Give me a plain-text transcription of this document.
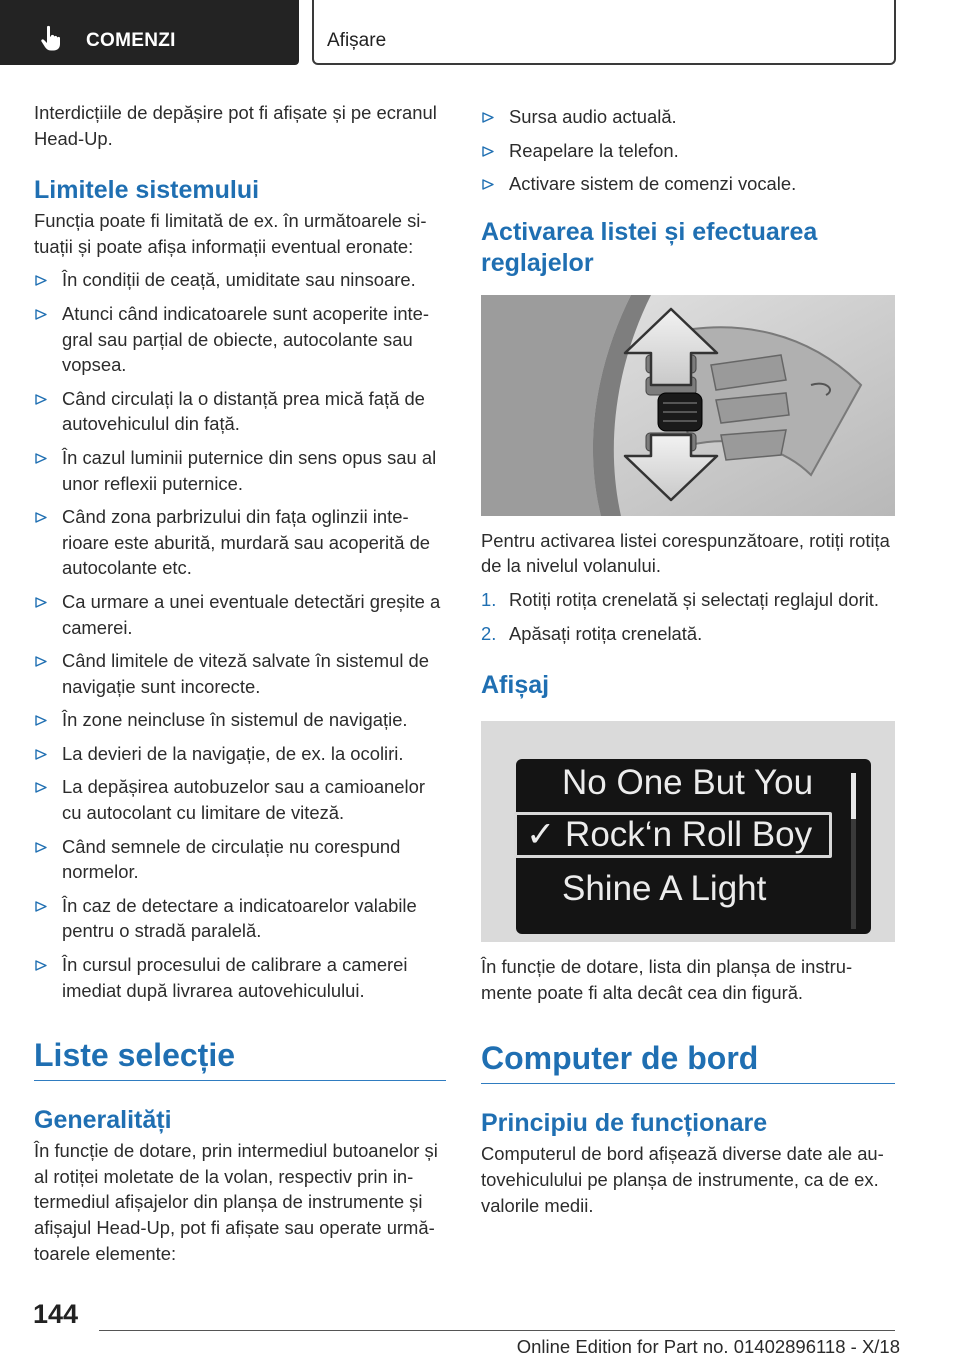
COMENZI	Afișare

Interdicțiile de depășire pot fi afișate și pe ecranul Head-Up.

Limitele sistemului

Funcția poate fi limitată de ex. în următoarele situații și poate afișa informații eventual eronate:

În condiții de ceață, umiditate sau ninsoare.
Atunci când indicatoarele sunt acoperite integral sau parțial de obiecte, autocolante sau vopsea.
Când circulați la o distanță prea mică față de autovehiculul din față.
În cazul luminii puternice din sens opus sau al unor reflexii puternice.
Când zona parbrizului din fața oglinzii interioare este aburită, murdară sau acoperită de autocolante etc.
Ca urmare a unei eventuale detectări greșite a camerei.
Când limitele de viteză salvate în sistemul de navigație sunt incorecte.
În zone neincluse în sistemul de navigație.
La devieri de la navigație, de ex. la ocoliri.
La depășirea autobuzelor sau a camioanelor cu autocolant cu limitare de viteză.
Când semnele de circulație nu corespund normelor.
În caz de detectare a indicatoarelor valabile pentru o stradă paralelă.
În cursul procesului de calibrare a camerei imediat după livrarea autovehiculului.
Liste selecție
Generalități

În funcție de dotare, prin intermediul butoanelor și al rotiței moletate de la volan, respectiv prin intermediul afișajelor din planșa de instrumente și afișajul Head-Up, pot fi afișate sau operate următoarele elemente:

Sursa audio actuală.
Reapelare la telefon.
Activare sistem de comenzi vocale.
Activarea listei și efectuarea reglajelor

Pentru activarea listei corespunzătoare, rotiți rotița de la nivelul volanului.

1. Rotiți rotița crenelată și selectați reglajul dorit.
2. Apăsați rotița crenelată.
Afișaj
No One But You
✓ Rock‘n Roll Boy
Shine A Light

În funcție de dotare, lista din planșa de instrumente poate fi alta decât cea din figură.

Computer de bord
Principiu de funcționare

Computerul de bord afișează diverse date ale autovehiculului pe planșa de instrumente, ca de ex. valorile medii.

144
Online Edition for Part no. 01402896118 - X/18
